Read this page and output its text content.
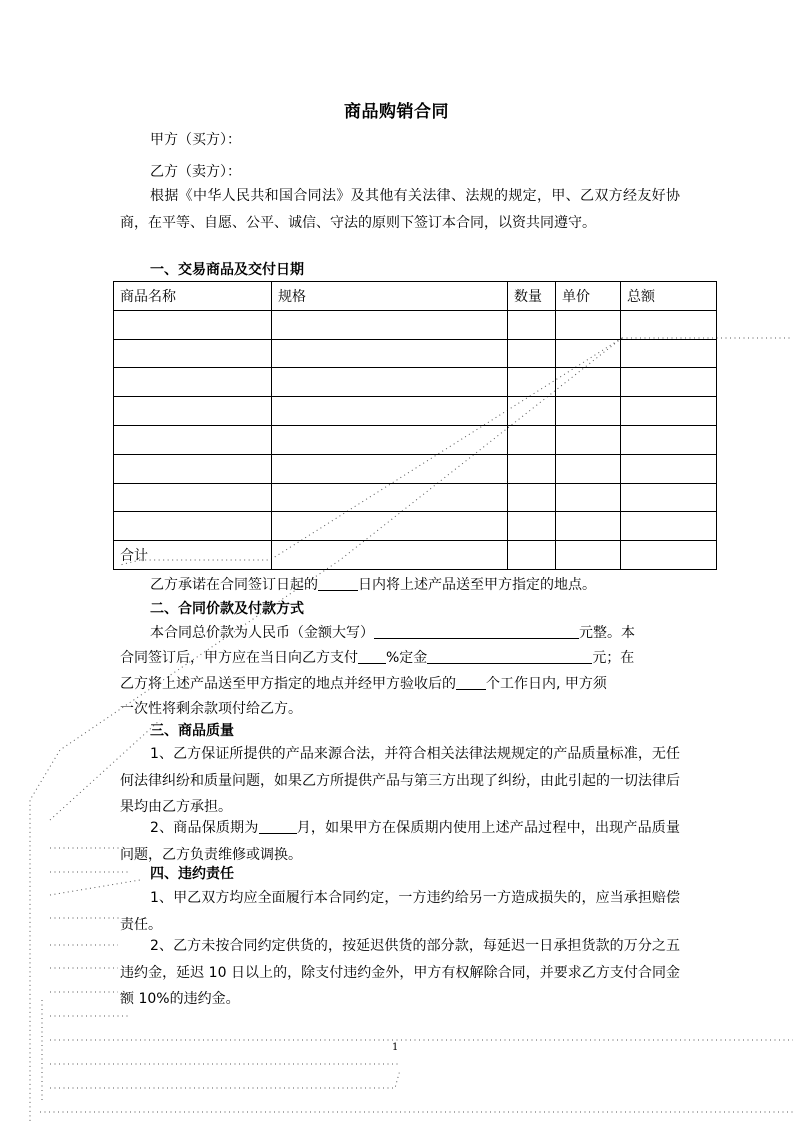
商品购销合同
甲方（买方）：
乙方（卖方）：
根据《中华人民共和国合同法》及其他有关法律、法规的规定，甲、乙双方经友好协商，在平等、自愿、公平、诚信、守法的原则下签订本合同，以资共同遵守。
一、交易商品及交付日期
商品名称	规格	数量	单价	总额

合计				
乙方承诺在合同签订日起的	日内将上述产品送至甲方指定的地点。
二、合同价款及付款方式
本合同总价款为人民币（金额大写）	元整。本
合同签订后，甲方应在当日向乙方支付 %定金	元；在
乙方将上述产品送至甲方指定的地点并经甲方验收后的 个工作日内, 甲方须
一次性将剩余款项付给乙方。
三、商品质量
1、乙方保证所提供的产品来源合法，并符合相关法律法规规定的产品质量标准，无任何法律纠纷和质量问题，如果乙方所提供产品与第三方出现了纠纷，由此引起的一切法律后果均由乙方承担。
2、商品保质期为	月，如果甲方在保质期内使用上述产品过程中，出现产品质量问题，乙方负责维修或调换。
四、违约责任
1、甲乙双方均应全面履行本合同约定，一方违约给另一方造成损失的，应当承担赔偿责任。
2、乙方未按合同约定供货的，按延迟供货的部分款，每延迟一日承担货款的万分之五违约金，延迟 10 日以上的，除支付违约金外，甲方有权解除合同，并要求乙方支付合同金额 10%的违约金。
1
